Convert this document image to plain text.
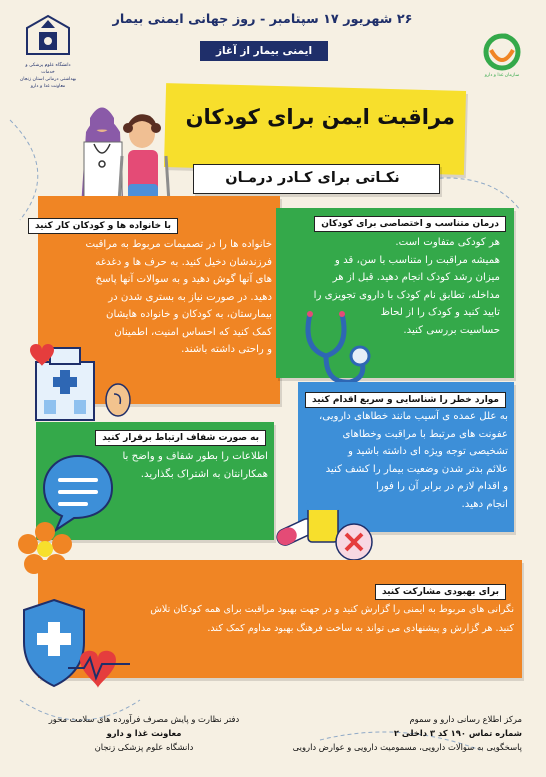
دانشگاه علوم پزشکی و خدمات
بهداشتی درمانی استان زنجان
معاونت غذا و دارو
سازمان غذا و دارو
۲۶ شهریور ۱۷ سپتامبر - روز جهانی ایمنی بیمار
ایمنی بیمار از آغاز
مراقبت ایمن برای کودکان
نکـاتی برای کـادر درمـان
با خانواده ها و کودکان کار کنید
خانواده ها را در تصمیمات مربوط به مراقبت
فرزندشان دخیل کنید. به حرف ها و دغدغه
های آنها گوش دهید و به سوالات آنها پاسخ
دهید. در صورت نیاز به بستری شدن در
بیمارستان، به کودکان و خانواده هایشان
کمک کنید که احساس امنیت، اطمینان
و راحتی داشته باشند.
درمان متناسب و اختصاصی برای کودکان
هر کودکی متفاوت است.
همیشه مراقبت را متناسب با سن، قد و
میزان رشد کودک انجام دهید. قبل از هر
مداخله، تطابق نام کودک با داروی تجویزی را
تایید کنید و کودک را از لحاظ
حساسیت بررسی کنید.
به صورت شفاف ارتباط برقرار کنید
اطلاعات را بطور شفاف و واضح با
همکارانتان به اشتراک بگذارید.
موارد خطر را شناسایی و سریع اقدام کنید
به علل عمده ی آسیب مانند خطاهای دارویی،
عفونت های مرتبط با مراقبت وخطاهای
تشخیصی توجه ویژه ای داشته باشید و
علائم بدتر شدن وضعیت بیمار را کشف کنید
و اقدام لازم در برابر آن را فورا
انجام دهید.
برای بهبودی مشارکت کنید
نگرانی های مربوط به ایمنی را گزارش کنید و در جهت بهبود مراقبت برای همه کودکان تلاش
کنید. هر گزارش و پیشنهادی می تواند به ساخت فرهنگ بهبود مداوم کمک کند.
مرکز اطلاع رسانی دارو و سموم
شماره تماس ۱۹۰ کد ۳ داخلی ۲
پاسخگویی به سوالات دارویی، مسمومیت دارویی و عوارض دارویی
دفتر نظارت و پایش مصرف فرآورده های سلامت محور
معاونت غذا و دارو
دانشگاه علوم پزشکی زنجان
